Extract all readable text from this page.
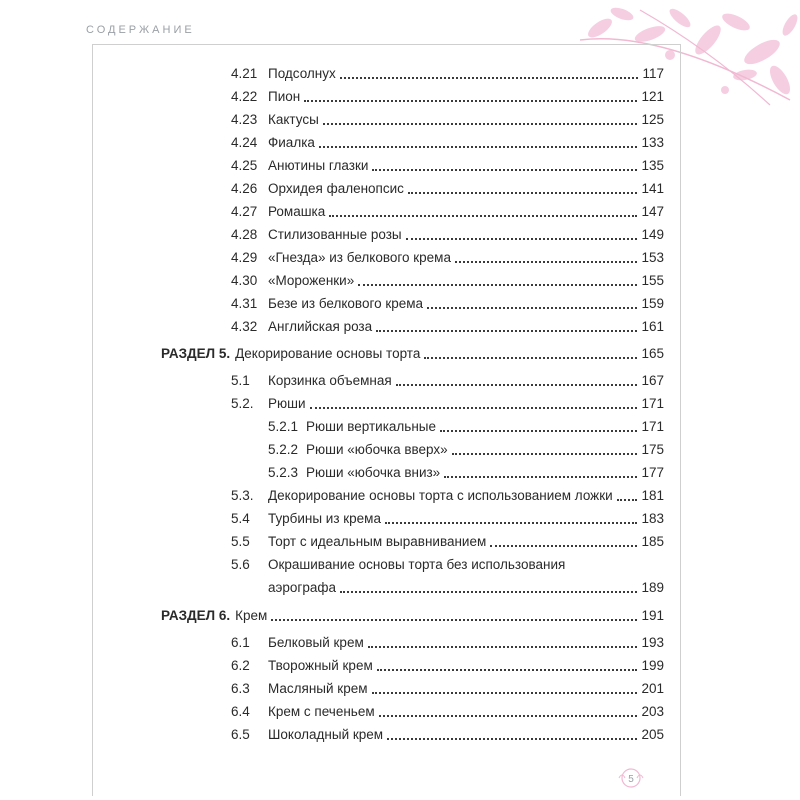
СОДЕРЖАНИЕ
4.21 Подсолнух	117
4.22 Пион	121
4.23 Кактусы	125
4.24 Фиалка	133
4.25 Анютины глазки	135
4.26 Орхидея фаленопсис	141
4.27 Ромашка	147
4.28 Стилизованные розы	149
4.29 «Гнезда» из белкового крема	153
4.30 «Мороженки»	155
4.31 Безе из белкового крема	159
4.32 Английская роза	161
РАЗДЕЛ 5. Декорирование основы торта	165
5.1	Корзинка объемная	167
5.2.	Рюши	171
5.2.1 Рюши вертикальные	171
5.2.2 Рюши «юбочка вверх»	175
5.2.3 Рюши «юбочка вниз»	177
5.3.	Декорирование основы торта с использованием ложки 181
5.4	Турбины из крема	183
5.5	Торт с идеальным выравниванием	185
5.6 Окрашивание основы торта без использования
аэрографа	189
РАЗДЕЛ 6. Крем	191
6.1	Белковый крем	193
6.2	Творожный крем	199
6.3	Масляный крем	201
6.4	Крем с печеньем	203
6.5	Шоколадный крем	205
5
